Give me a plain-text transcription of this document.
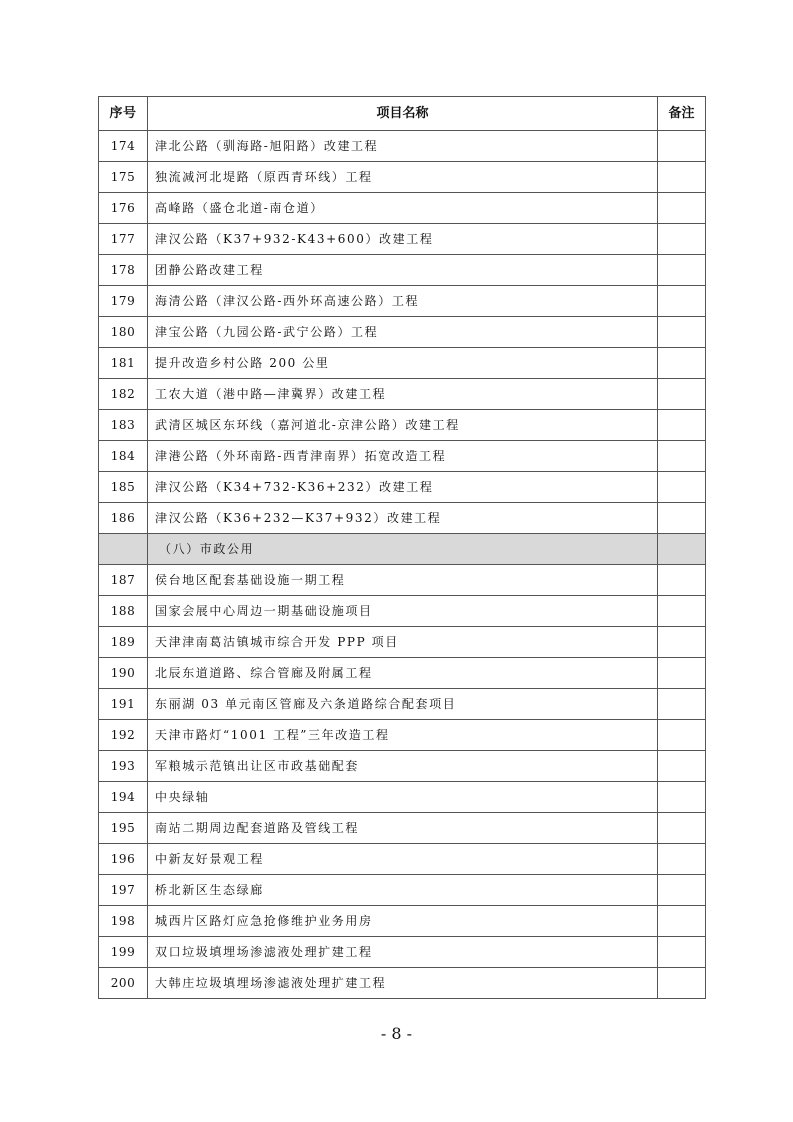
序号	项目名称	备注
174	津北公路（驯海路-旭阳路）改建工程	
175	独流减河北堤路（原西青环线）工程	
176	高峰路（盛仓北道-南仓道）	
177	津汉公路（K37+932-K43+600）改建工程	
178	团静公路改建工程	
179	海清公路（津汉公路-西外环高速公路）工程	
180	津宝公路（九园公路-武宁公路）工程	
181	提升改造乡村公路 200 公里	
182	工农大道（港中路—津冀界）改建工程	
183	武清区城区东环线（嘉河道北-京津公路）改建工程	
184	津港公路（外环南路-西青津南界）拓宽改造工程	
185	津汉公路（K34+732-K36+232）改建工程	
186	津汉公路（K36+232—K37+932）改建工程	
	（八）市政公用	
187	侯台地区配套基础设施一期工程	
188	国家会展中心周边一期基础设施项目	
189	天津津南葛沽镇城市综合开发 PPP 项目	
190	北辰东道道路、综合管廊及附属工程	
191	东丽湖 03 单元南区管廊及六条道路综合配套项目	
192	天津市路灯“1001 工程”三年改造工程	
193	军粮城示范镇出让区市政基础配套	
194	中央绿轴	
195	南站二期周边配套道路及管线工程	
196	中新友好景观工程	
197	桥北新区生态绿廊	
198	城西片区路灯应急抢修维护业务用房	
199	双口垃圾填埋场渗滤液处理扩建工程	
200	大韩庄垃圾填埋场渗滤液处理扩建工程	
- 8 -
